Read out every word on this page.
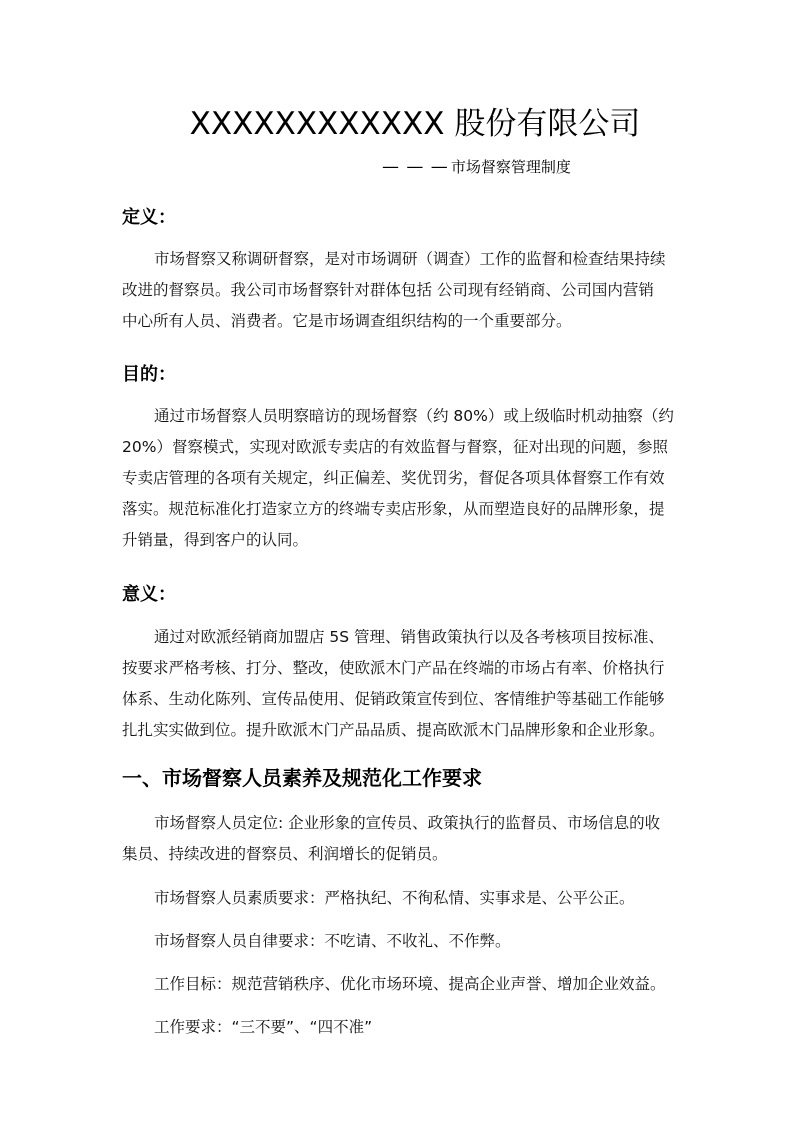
XXXXXXXXXXXX 股份有限公司
— — — 市场督察管理制度
定义：
市场督察又称调研督察，是对市场调研（调查）工作的监督和检查结果持续
改进的督察员。我公司市场督察针对群体包括 公司现有经销商、公司国内营销
中心所有人员、消费者。它是市场调查组织结构的一个重要部分。
目的：
通过市场督察人员明察暗访的现场督察（约 80%）或上级临时机动抽察（约
20%）督察模式，实现对欧派专卖店的有效监督与督察，征对出现的问题，参照
专卖店管理的各项有关规定，纠正偏差、奖优罚劣，督促各项具体督察工作有效
落实。规范标准化打造家立方的终端专卖店形象，从而塑造良好的品牌形象，提
升销量，得到客户的认同。
意义：
通过对欧派经销商加盟店 5S 管理、销售政策执行以及各考核项目按标准、
按要求严格考核、打分、整改，使欧派木门产品在终端的市场占有率、价格执行
体系、生动化陈列、宣传品使用、促销政策宣传到位、客情维护等基础工作能够
扎扎实实做到位。提升欧派木门产品品质、提高欧派木门品牌形象和企业形象。
一、市场督察人员素养及规范化工作要求
市场督察人员定位: 企业形象的宣传员、政策执行的监督员、市场信息的收
集员、持续改进的督察员、利润增长的促销员。
市场督察人员素质要求：严格执纪、不徇私情、实事求是、公平公正。
市场督察人员自律要求：不吃请、不收礼、不作弊。
工作目标：规范营销秩序、优化市场环境、提高企业声誉、增加企业效益。
工作要求：“三不要”、“四不准”
